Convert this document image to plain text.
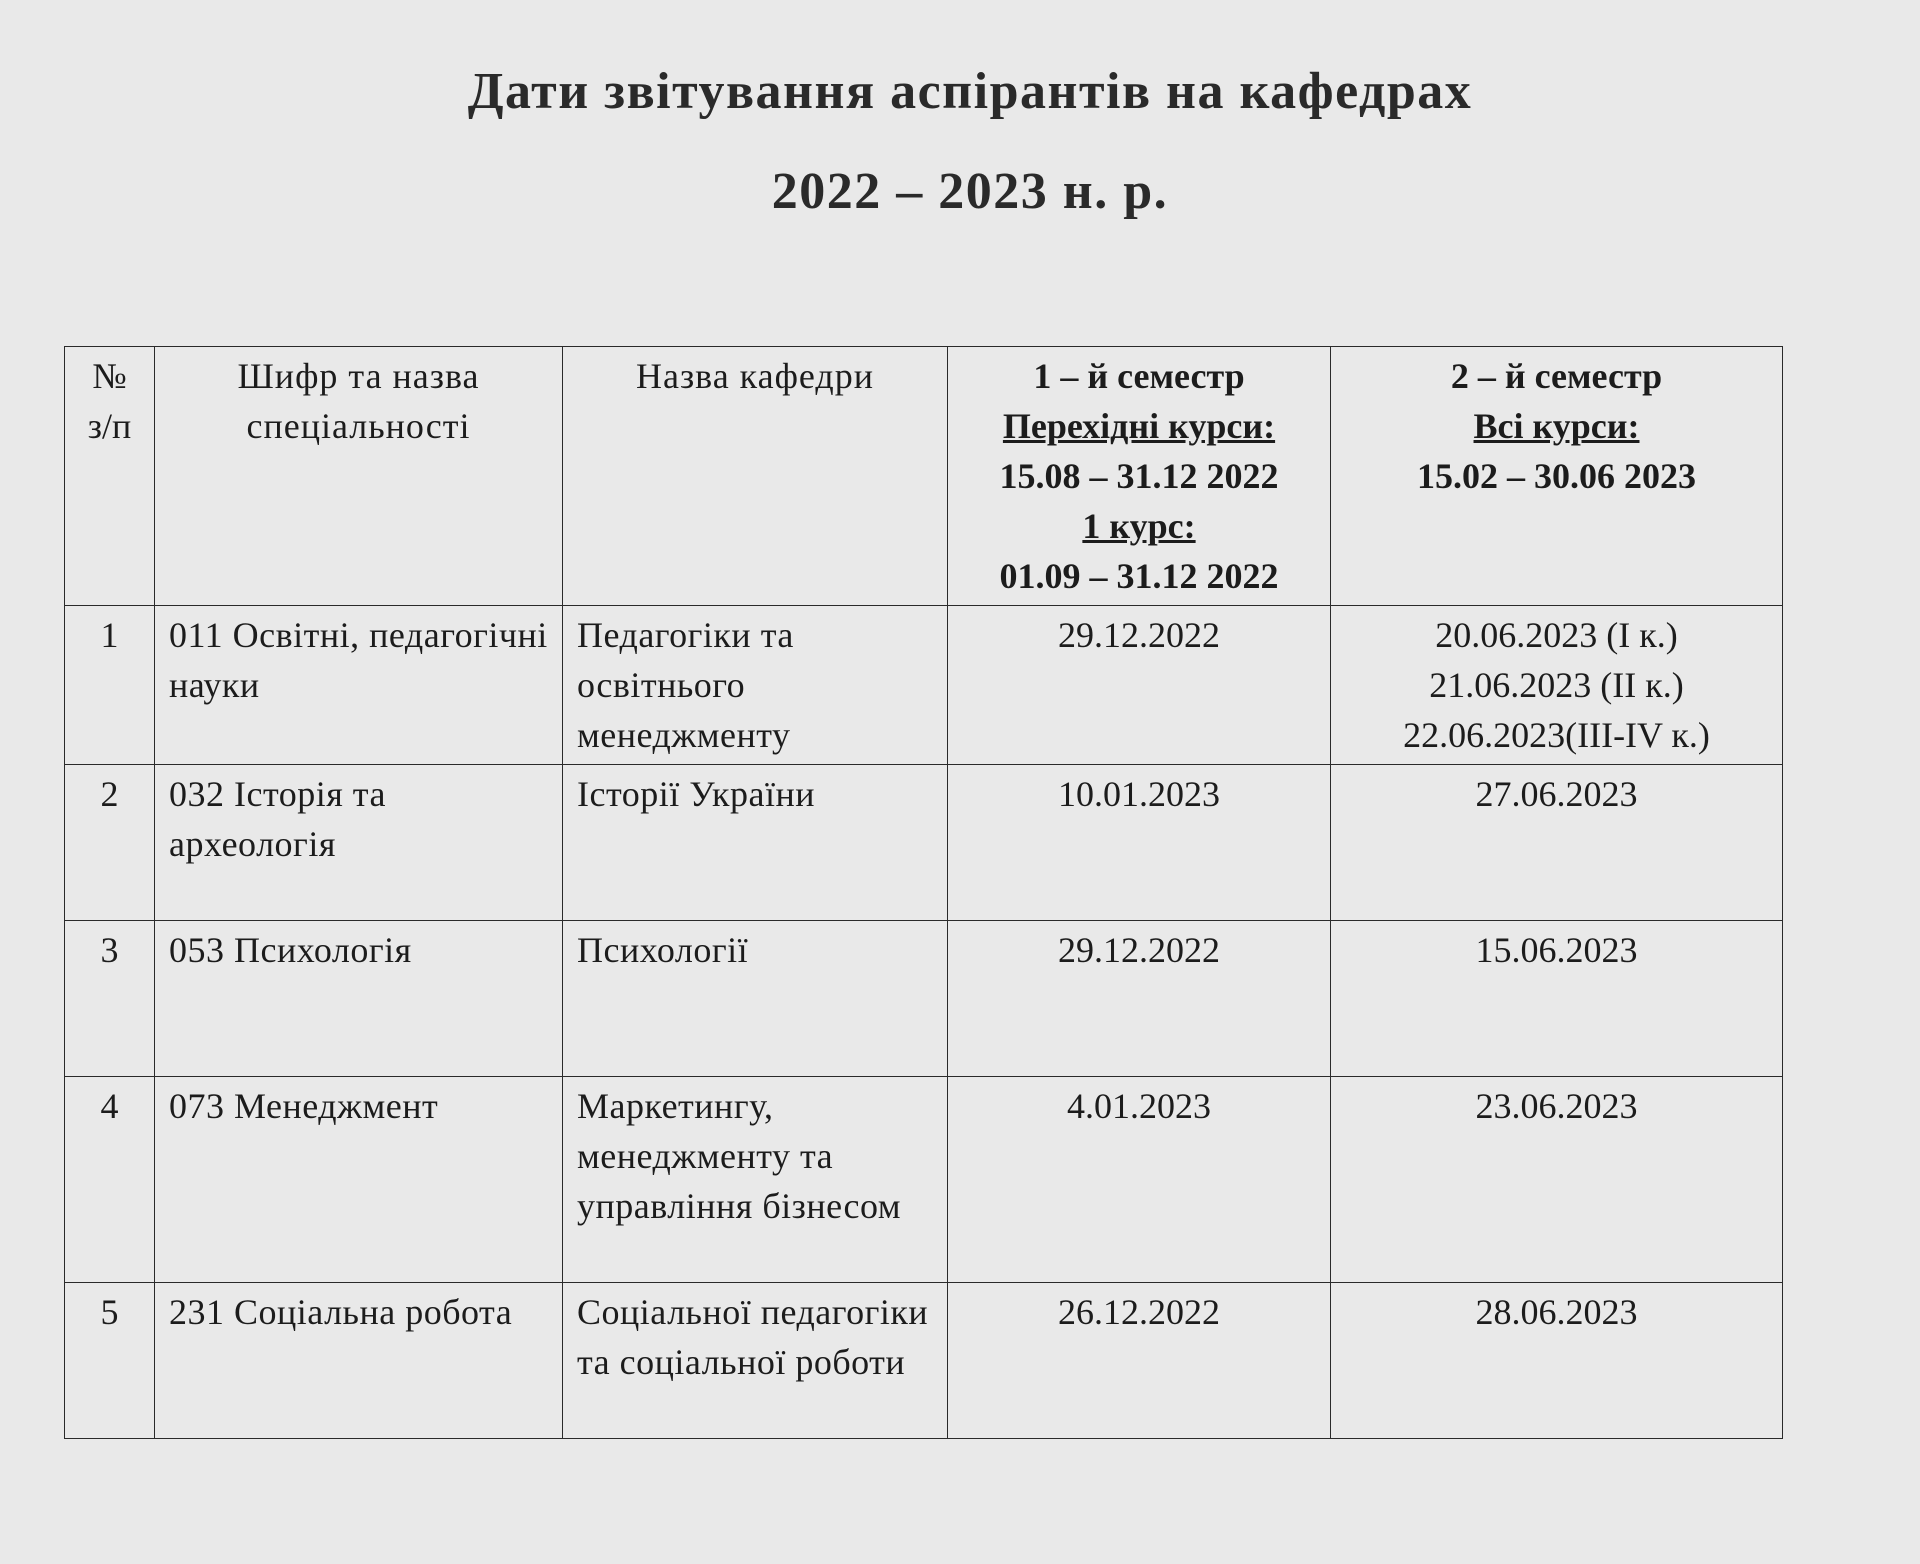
Дати звітування аспірантів на кафедрах
2022 – 2023 н. р.
№ з/п	Шифр та назва спеціальності	Назва кафедри	1 – й семестр
Перехідні курси:
15.08 – 31.12 2022
1 курс:
01.09 – 31.12 2022	2 – й семестр
Всі курси:
15.02 – 30.06 2023

1	011 Освітні, педагогічні науки	Педагогіки та освітнього менеджменту	29.12.2022	20.06.2023 (І к.)
21.06.2023 (ІІ к.)
22.06.2023(ІІІ-ІV к.)

2	032 Історія та археологія	Історії України	10.01.2023	27.06.2023

3	053 Психологія	Психології	29.12.2022	15.06.2023

4	073 Менеджмент	Маркетингу, менеджменту та управління бізнесом	4.01.2023	23.06.2023

5	231 Соціальна робота	Соціальної педагогіки та соціальної роботи	26.12.2022	28.06.2023
